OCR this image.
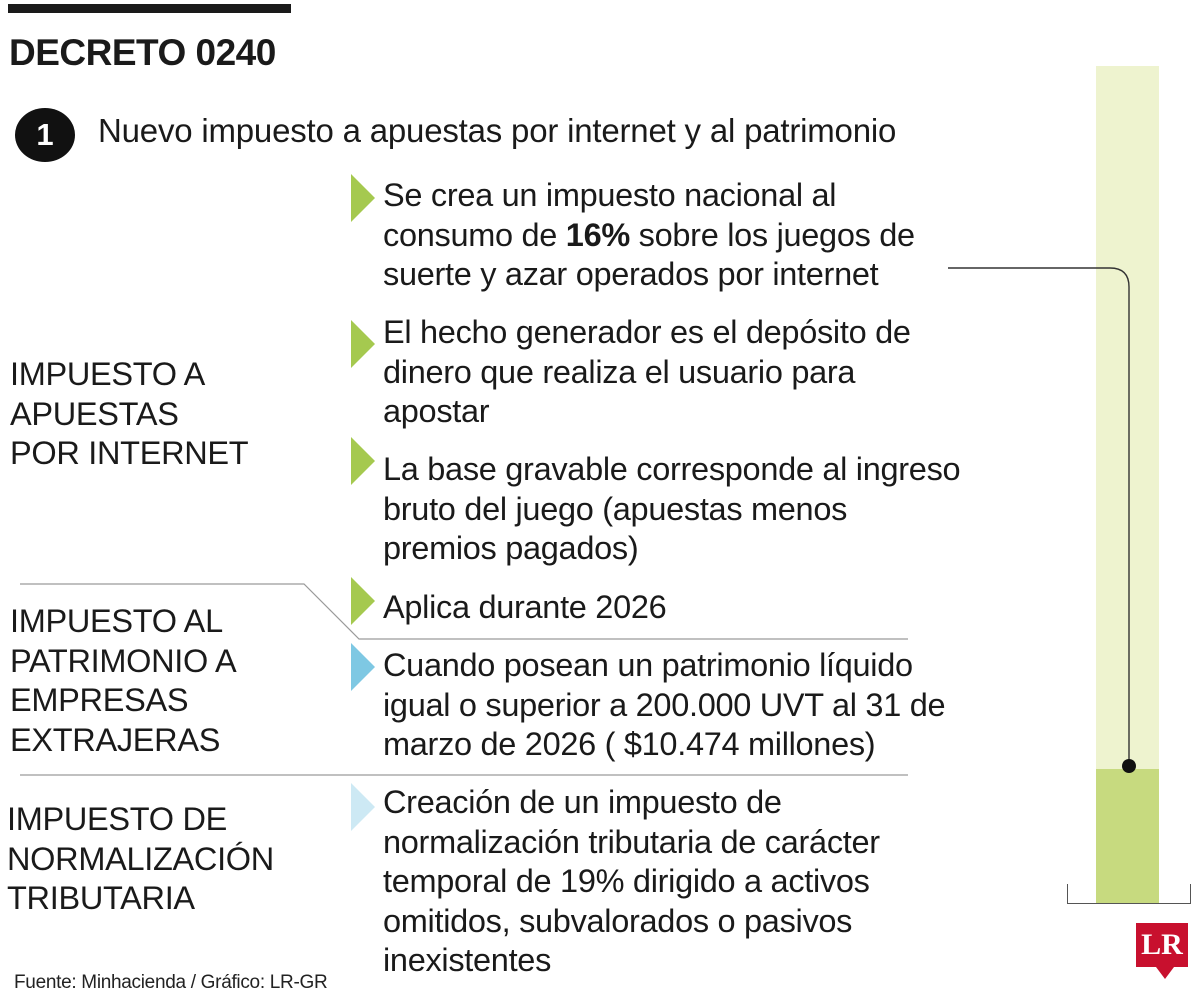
DECRETO 0240
1	Nuevo impuesto a apuestas por internet y al patrimonio
IMPUESTO A
APUESTAS
POR INTERNET
IMPUESTO AL
PATRIMONIO A
EMPRESAS
EXTRAJERAS
IMPUESTO DE
NORMALIZACIÓN
TRIBUTARIA
Se crea un impuesto nacional al
consumo de 16% sobre los juegos de
suerte y azar operados por internet
El hecho generador es el depósito de
dinero que realiza el usuario para
apostar
La base gravable corresponde al ingreso
bruto del juego (apuestas menos
premios pagados)
Aplica durante 2026
Cuando posean un patrimonio líquido
igual o superior a 200.000 UVT al 31 de
marzo de 2026 ( $10.474 millones)
Creación de un impuesto de
normalización tributaria de carácter
temporal de 19% dirigido a activos
omitidos, subvalorados o pasivos
inexistentes
Fuente: Minhacienda / Gráfico: LR-GR
LR
